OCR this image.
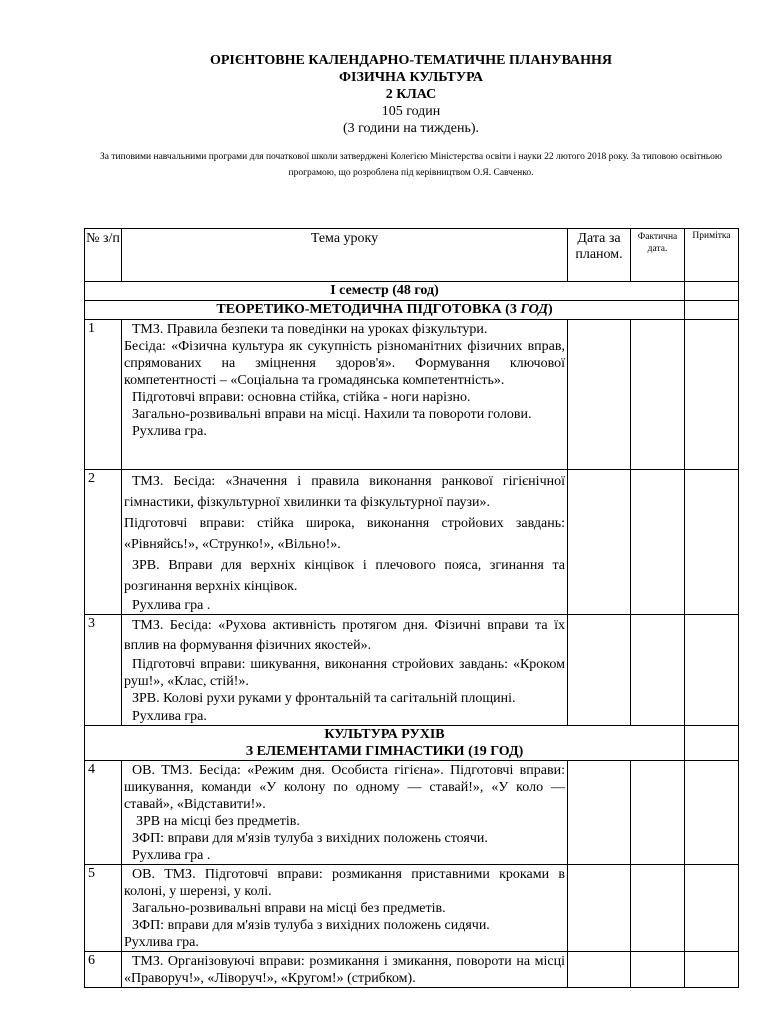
ОРІЄНТОВНЕ КАЛЕНДАРНО-ТЕМАТИЧНЕ ПЛАНУВАННЯ
ФІЗИЧНА КУЛЬТУРА
2 КЛАС
105 годин
(3 години на тиждень).
За типовими навчальними програми для початкової школи затверджені Колегією Міністерства освіти і науки 22 лютого 2018 року. За типовою освітньою програмою, що розроблена під керівництвом О.Я. Савченко.
№ з/п	Тема уроку	Дата за планом.	Фактична дата.	Примітка
І семестр (48 год)				
ТЕОРЕТИКО-МЕТОДИЧНА ПІДГОТОВКА (3 ГОД)				
1	ТМЗ. Правила безпеки та поведінки на уроках фізкультури.

Бесіда: «Фізична культура як сукупність різноманітних фізичних вправ, спрямованих на зміцнення здоров'я». Формування ключової компетентності – «Соціальна та громадянська компетентність».

Підготовчі вправи: основна стійка, стійка - ноги нарізно.

Загально-розвивальні вправи на місці. Нахили та повороти голови.

Рухлива гра.			

2	ТМЗ. Бесіда: «Значення і правила виконання ранкової гігієнічної гімнастики, фізкультурної хвилинки та фізкультурної паузи».

Підготовчі вправи: стійка широка, виконання стройових завдань: «Рівняйсь!», «Струнко!», «Вільно!».

ЗРВ. Вправи для верхніх кінцівок і плечового пояса, згинання та розгинання верхніх кінцівок.

Рухлива гра .			

3	ТМЗ. Бесіда: «Рухова активність протягом дня. Фізичні вправи та їх вплив на формування фізичних якостей».

Підготовчі вправи: шикування, виконання стройових завдань: «Кроком руш!», «Клас, стій!».

ЗРВ. Колові рухи руками у фронтальній та сагітальній площині.

Рухлива гра.			

КУЛЬТУРА РУХІВ
З ЕЛЕМЕНТАМИ ГІМНАСТИКИ (19 ГОД)				

4	ОВ. ТМЗ. Бесіда: «Режим дня. Особиста гігієна». Підготовчі вправи: шикування, команди «У колону по одному — ставай!», «У коло — ставай», «Відставити!».

ЗРВ на місці без предметів.

ЗФП: вправи для м'язів тулуба з вихідних положень стоячи.

Рухлива гра .			

5	ОВ. ТМЗ. Підготовчі вправи: розмикання приставними кроками в колоні, у шерензі, у колі.

Загально-розвивальні вправи на місці без предметів.

ЗФП: вправи для м'язів тулуба з вихідних положень сидячи.

Рухлива гра.			

6	ТМЗ. Організовуючі вправи: розмикання і змикання, повороти на місці «Праворуч!», «Ліворуч!», «Кругом!» (стрибком).			
